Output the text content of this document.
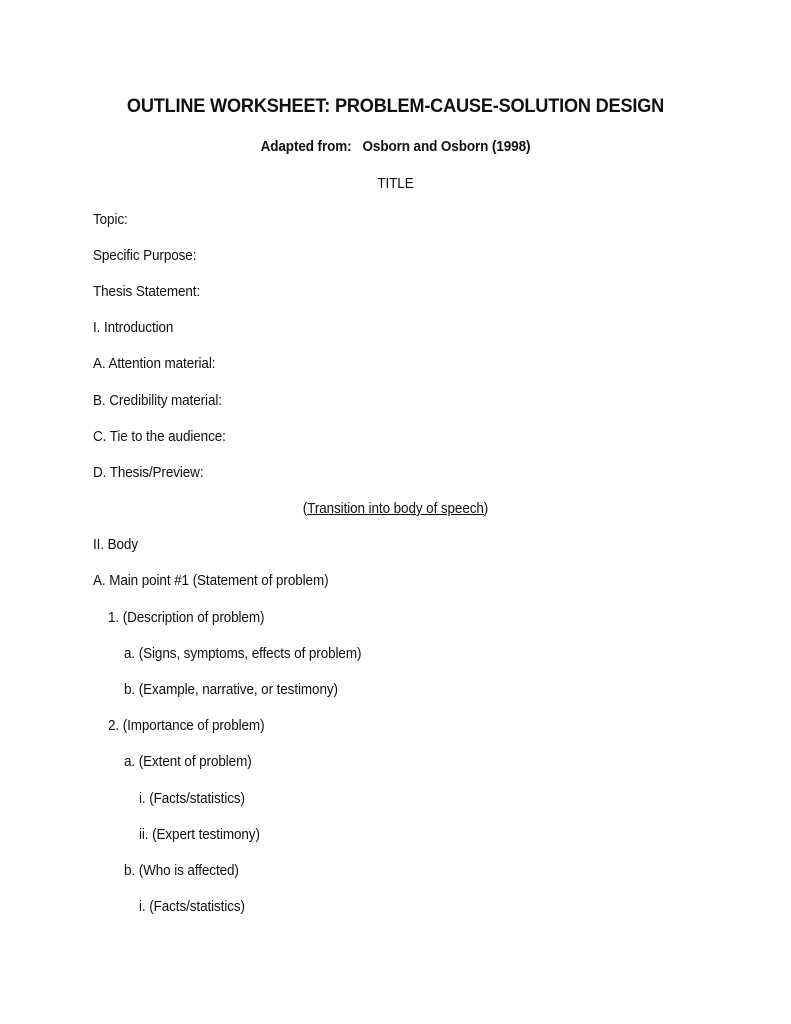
OUTLINE WORKSHEET: PROBLEM-CAUSE-SOLUTION DESIGN
Adapted from: Osborn and Osborn (1998)
TITLE
Topic:
Specific Purpose:
Thesis Statement:
I. Introduction
A. Attention material:
B. Credibility material:
C. Tie to the audience:
D. Thesis/Preview:
(Transition into body of speech)
II. Body
A. Main point #1 (Statement of problem)
1. (Description of problem)
a. (Signs, symptoms, effects of problem)
b. (Example, narrative, or testimony)
2. (Importance of problem)
a. (Extent of problem)
i. (Facts/statistics)
ii. (Expert testimony)
b. (Who is affected)
i. (Facts/statistics)
